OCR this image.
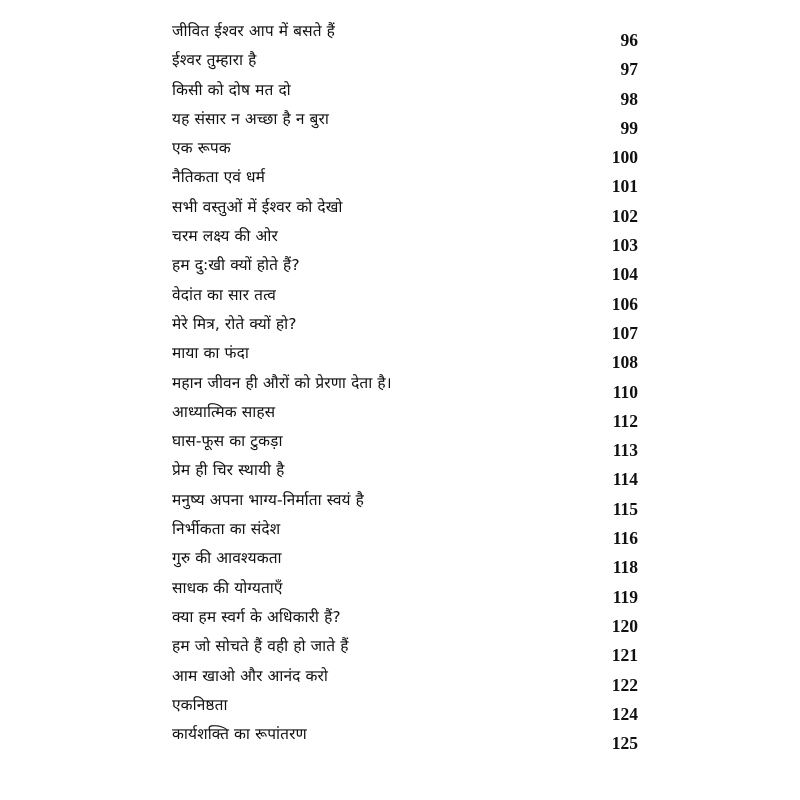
जीवित ईश्वर आप में बसते हैं	96
ईश्वर तुम्हारा है	97
किसी को दोष मत दो	98
यह संसार न अच्छा है न बुरा	99
एक रूपक	100
नैतिकता एवं धर्म	101
सभी वस्तुओं में ईश्वर को देखो	102
चरम लक्ष्य की ओर	103
हम दु:खी क्यों होते हैं?	104
वेदांत का सार तत्व	106
मेरे मित्र, रोते क्यों हो?	107
माया का फंदा	108
महान जीवन ही औरों को प्रेरणा देता है।	110
आध्यात्मिक साहस	112
घास-फूस का टुकड़ा	113
प्रेम ही चिर स्थायी है	114
मनुष्य अपना भाग्य-निर्माता स्वयं है	115
निर्भीकता का संदेश	116
गुरु की आवश्यकता	118
साधक की योग्यताएँ	119
क्या हम स्वर्ग के अधिकारी हैं?	120
हम जो सोचते हैं वही हो जाते हैं	121
आम खाओ और आनंद करो	122
एकनिष्ठता	124
कार्यशक्ति का रूपांतरण	125
